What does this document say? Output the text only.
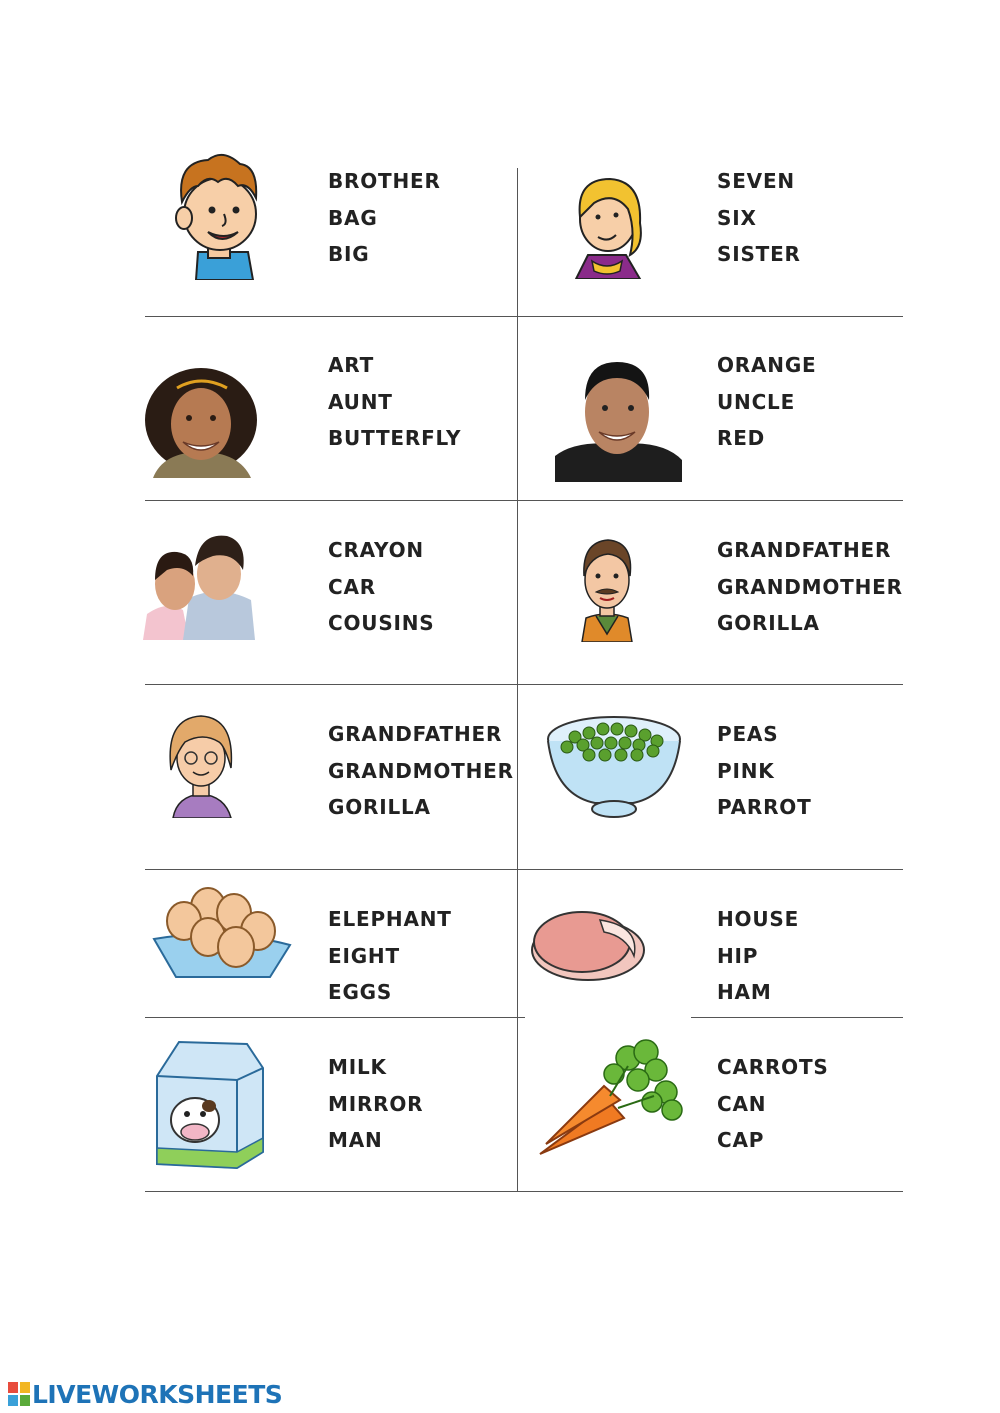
BROTHER
BAG
BIG
SEVEN
SIX
SISTER
ART
AUNT
BUTTERFLY
ORANGE
UNCLE
RED
CRAYON
CAR
COUSINS
GRANDFATHER
GRANDMOTHER
GORILLA
GRANDFATHER
GRANDMOTHER
GORILLA
PEAS
PINK
PARROT
ELEPHANT
EIGHT
EGGS
HOUSE
HIP
HAM
MILK
MIRROR
MAN
CARROTS
CAN
CAP
LIVEWORKSHEETS
